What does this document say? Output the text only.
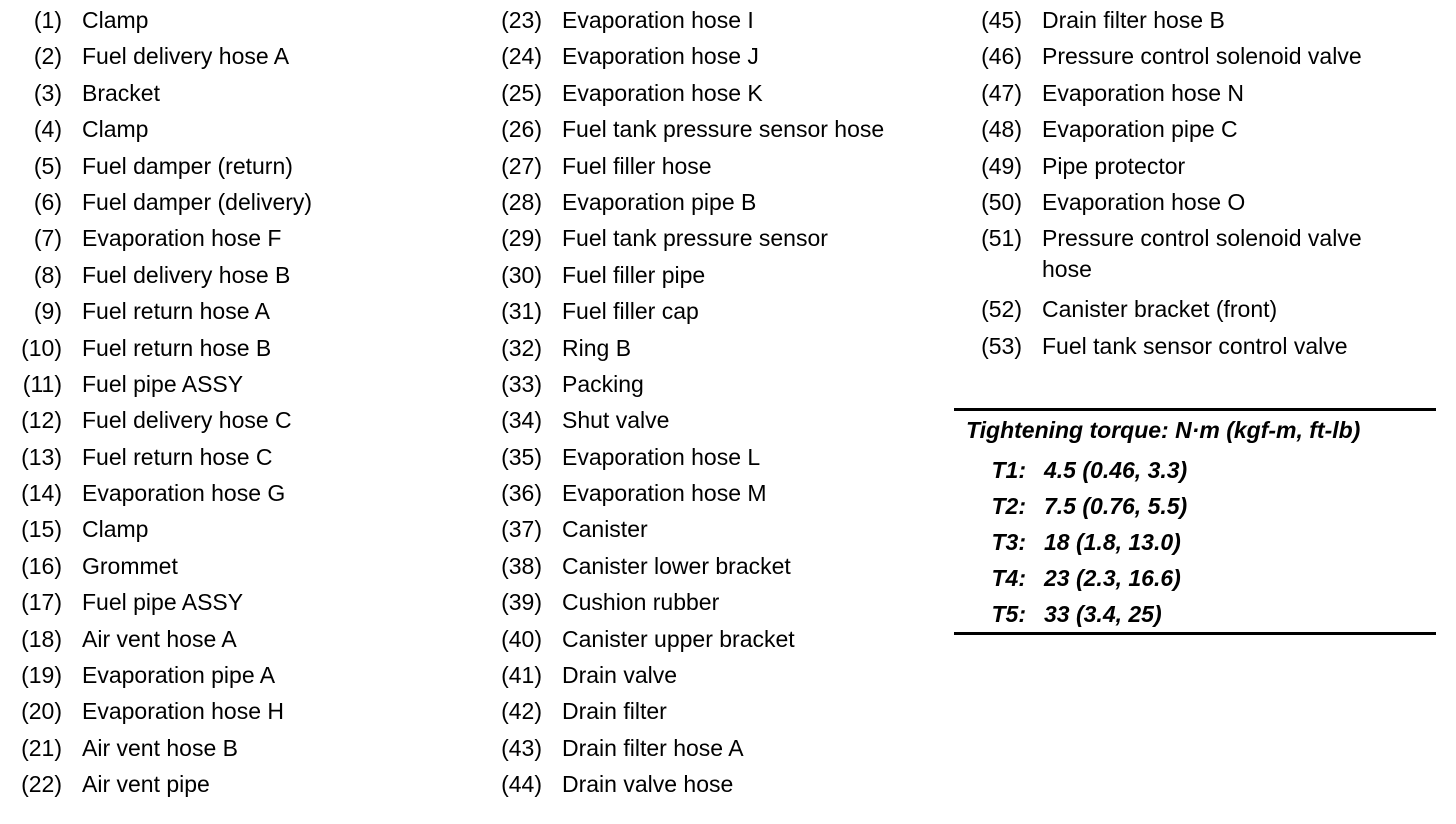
(1) Clamp
(2) Fuel delivery hose A
(3) Bracket
(4) Clamp
(5) Fuel damper (return)
(6) Fuel damper (delivery)
(7) Evaporation hose F
(8) Fuel delivery hose B
(9) Fuel return hose A
(10) Fuel return hose B
(11) Fuel pipe ASSY
(12) Fuel delivery hose C
(13) Fuel return hose C
(14) Evaporation hose G
(15) Clamp
(16) Grommet
(17) Fuel pipe ASSY
(18) Air vent hose A
(19) Evaporation pipe A
(20) Evaporation hose H
(21) Air vent hose B
(22) Air vent pipe
(23) Evaporation hose I
(24) Evaporation hose J
(25) Evaporation hose K
(26) Fuel tank pressure sensor hose
(27) Fuel filler hose
(28) Evaporation pipe B
(29) Fuel tank pressure sensor
(30) Fuel filler pipe
(31) Fuel filler cap
(32) Ring B
(33) Packing
(34) Shut valve
(35) Evaporation hose L
(36) Evaporation hose M
(37) Canister
(38) Canister lower bracket
(39) Cushion rubber
(40) Canister upper bracket
(41) Drain valve
(42) Drain filter
(43) Drain filter hose A
(44) Drain valve hose
(45) Drain filter hose B
(46) Pressure control solenoid valve
(47) Evaporation hose N
(48) Evaporation pipe C
(49) Pipe protector
(50) Evaporation hose O
(51) Pressure control solenoid valve hose
(52) Canister bracket (front)
(53) Fuel tank sensor control valve
Tightening torque: N·m (kgf-m, ft-lb)
T1: 4.5 (0.46, 3.3)
T2: 7.5 (0.76, 5.5)
T3: 18 (1.8, 13.0)
T4: 23 (2.3, 16.6)
T5: 33 (3.4, 25)
